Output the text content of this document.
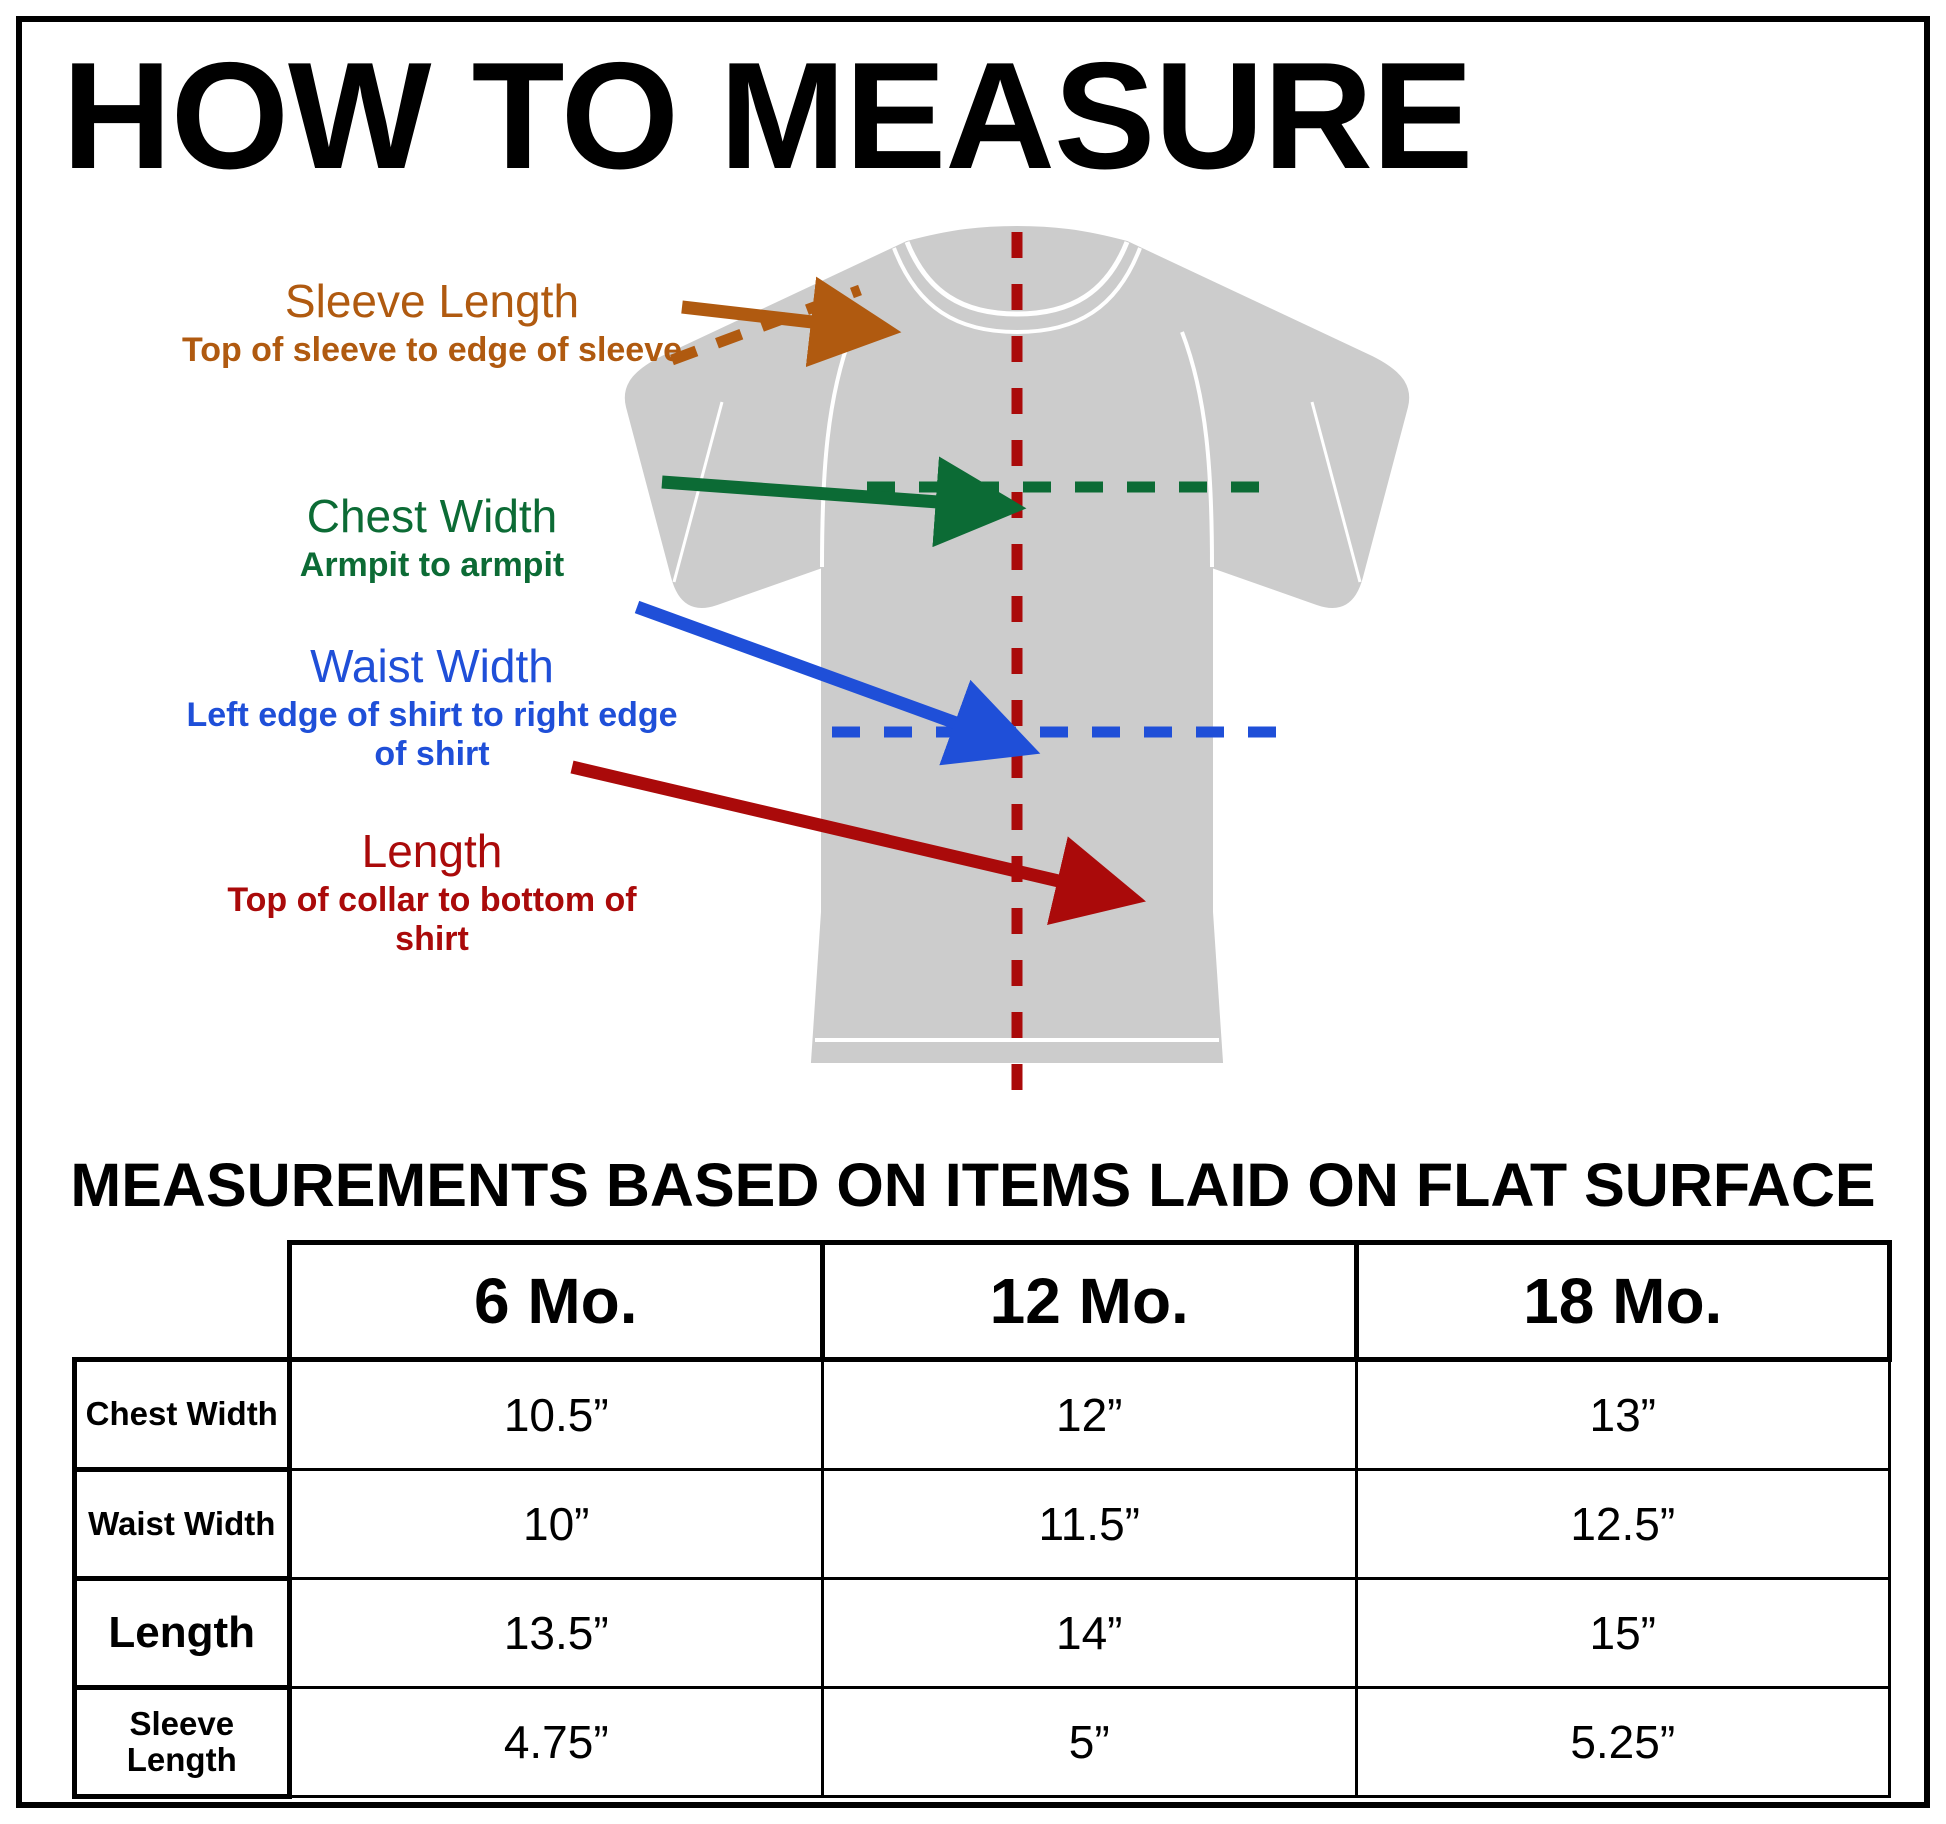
HOW TO MEASURE
Sleeve Length
Top of sleeve to edge of sleeve
Chest Width
Armpit to armpit
Waist Width
Left edge of shirt to right edge of shirt
Length
Top of collar to bottom of shirt
MEASUREMENTS BASED ON ITEMS LAID ON FLAT SURFACE
	6 Mo.	12 Mo.	18 Mo.
Chest Width	10.5”	12”	13”
Waist Width	10”	11.5”	12.5”
Length	13.5”	14”	15”
Sleeve Length	4.75”	5”	5.25”
